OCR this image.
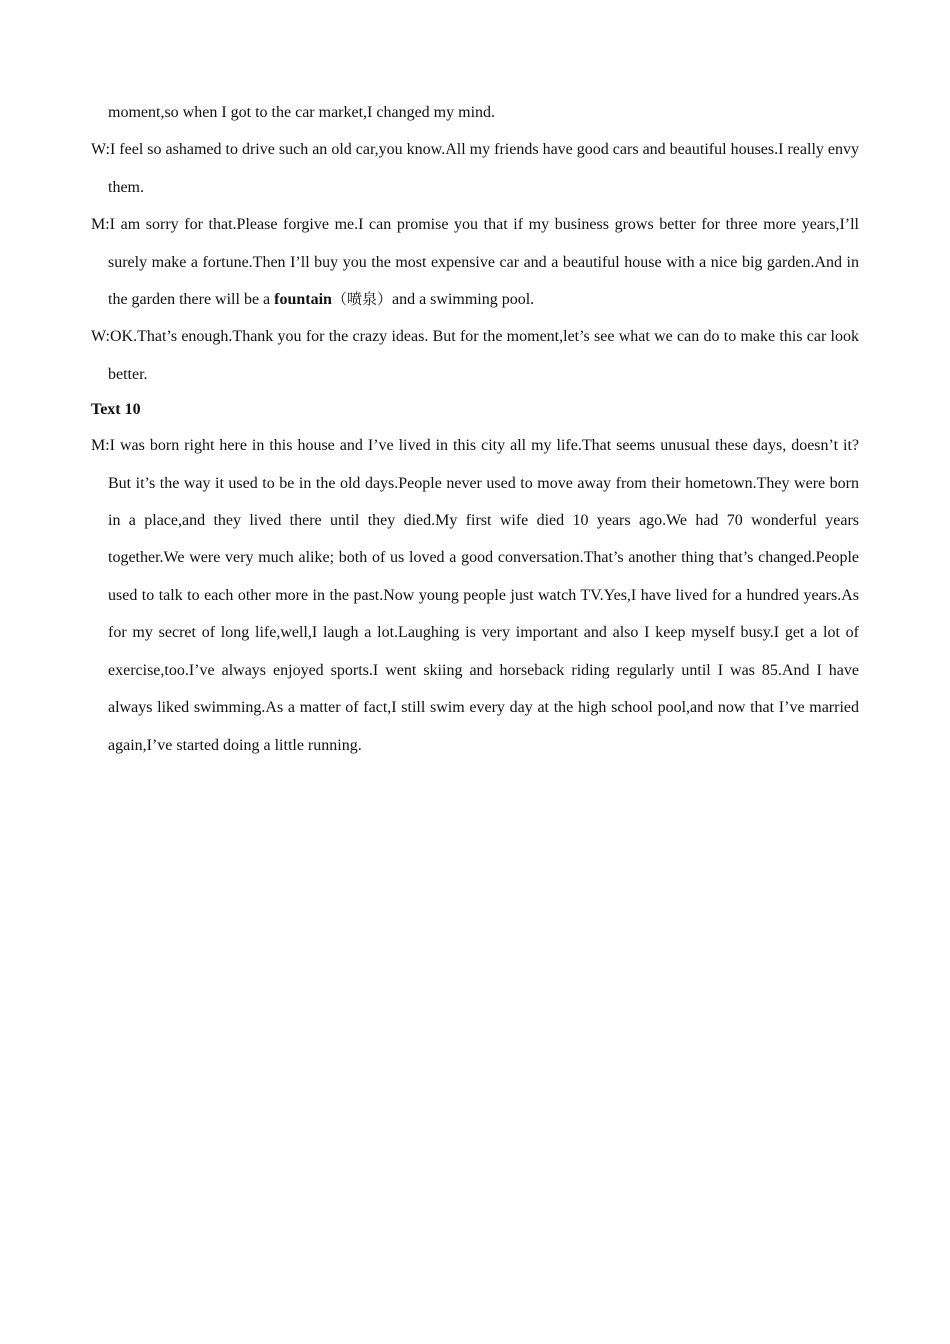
moment,so when I got to the car market,I changed my mind.

W:I feel so ashamed to drive such an old car,you know.All my friends have good cars and beautiful houses.I really envy them.

M:I am sorry for that.Please forgive me.I can promise you that if my business grows better for three more years,I’ll surely make a fortune.Then I’ll buy you the most expensive car and a beautiful house with a nice big garden.And in the garden there will be a fountain（喷泉）and a swimming pool.

W:OK.That’s enough.Thank you for the crazy ideas. But for the moment,let’s see what we can do to make this car look better.

Text 10

M:I was born right here in this house and I’ve lived in this city all my life.That seems unusual these days, doesn’t it? But it’s the way it used to be in the old days.People never used to move away from their hometown.They were born in a place,and they lived there until they died.My first wife died 10 years ago.We had 70 wonderful years together.We were very much alike; both of us loved a good conversation.That’s another thing that’s changed.People used to talk to each other more in the past.Now young people just watch TV.Yes,I have lived for a hundred years.As for my secret of long life,well,I laugh a lot.Laughing is very important and also I keep myself busy.I get a lot of exercise,too.I’ve always enjoyed sports.I went skiing and horseback riding regularly until I was 85.And I have always liked swimming.As a matter of fact,I still swim every day at the high school pool,and now that I’ve married again,I’ve started doing a little running.
